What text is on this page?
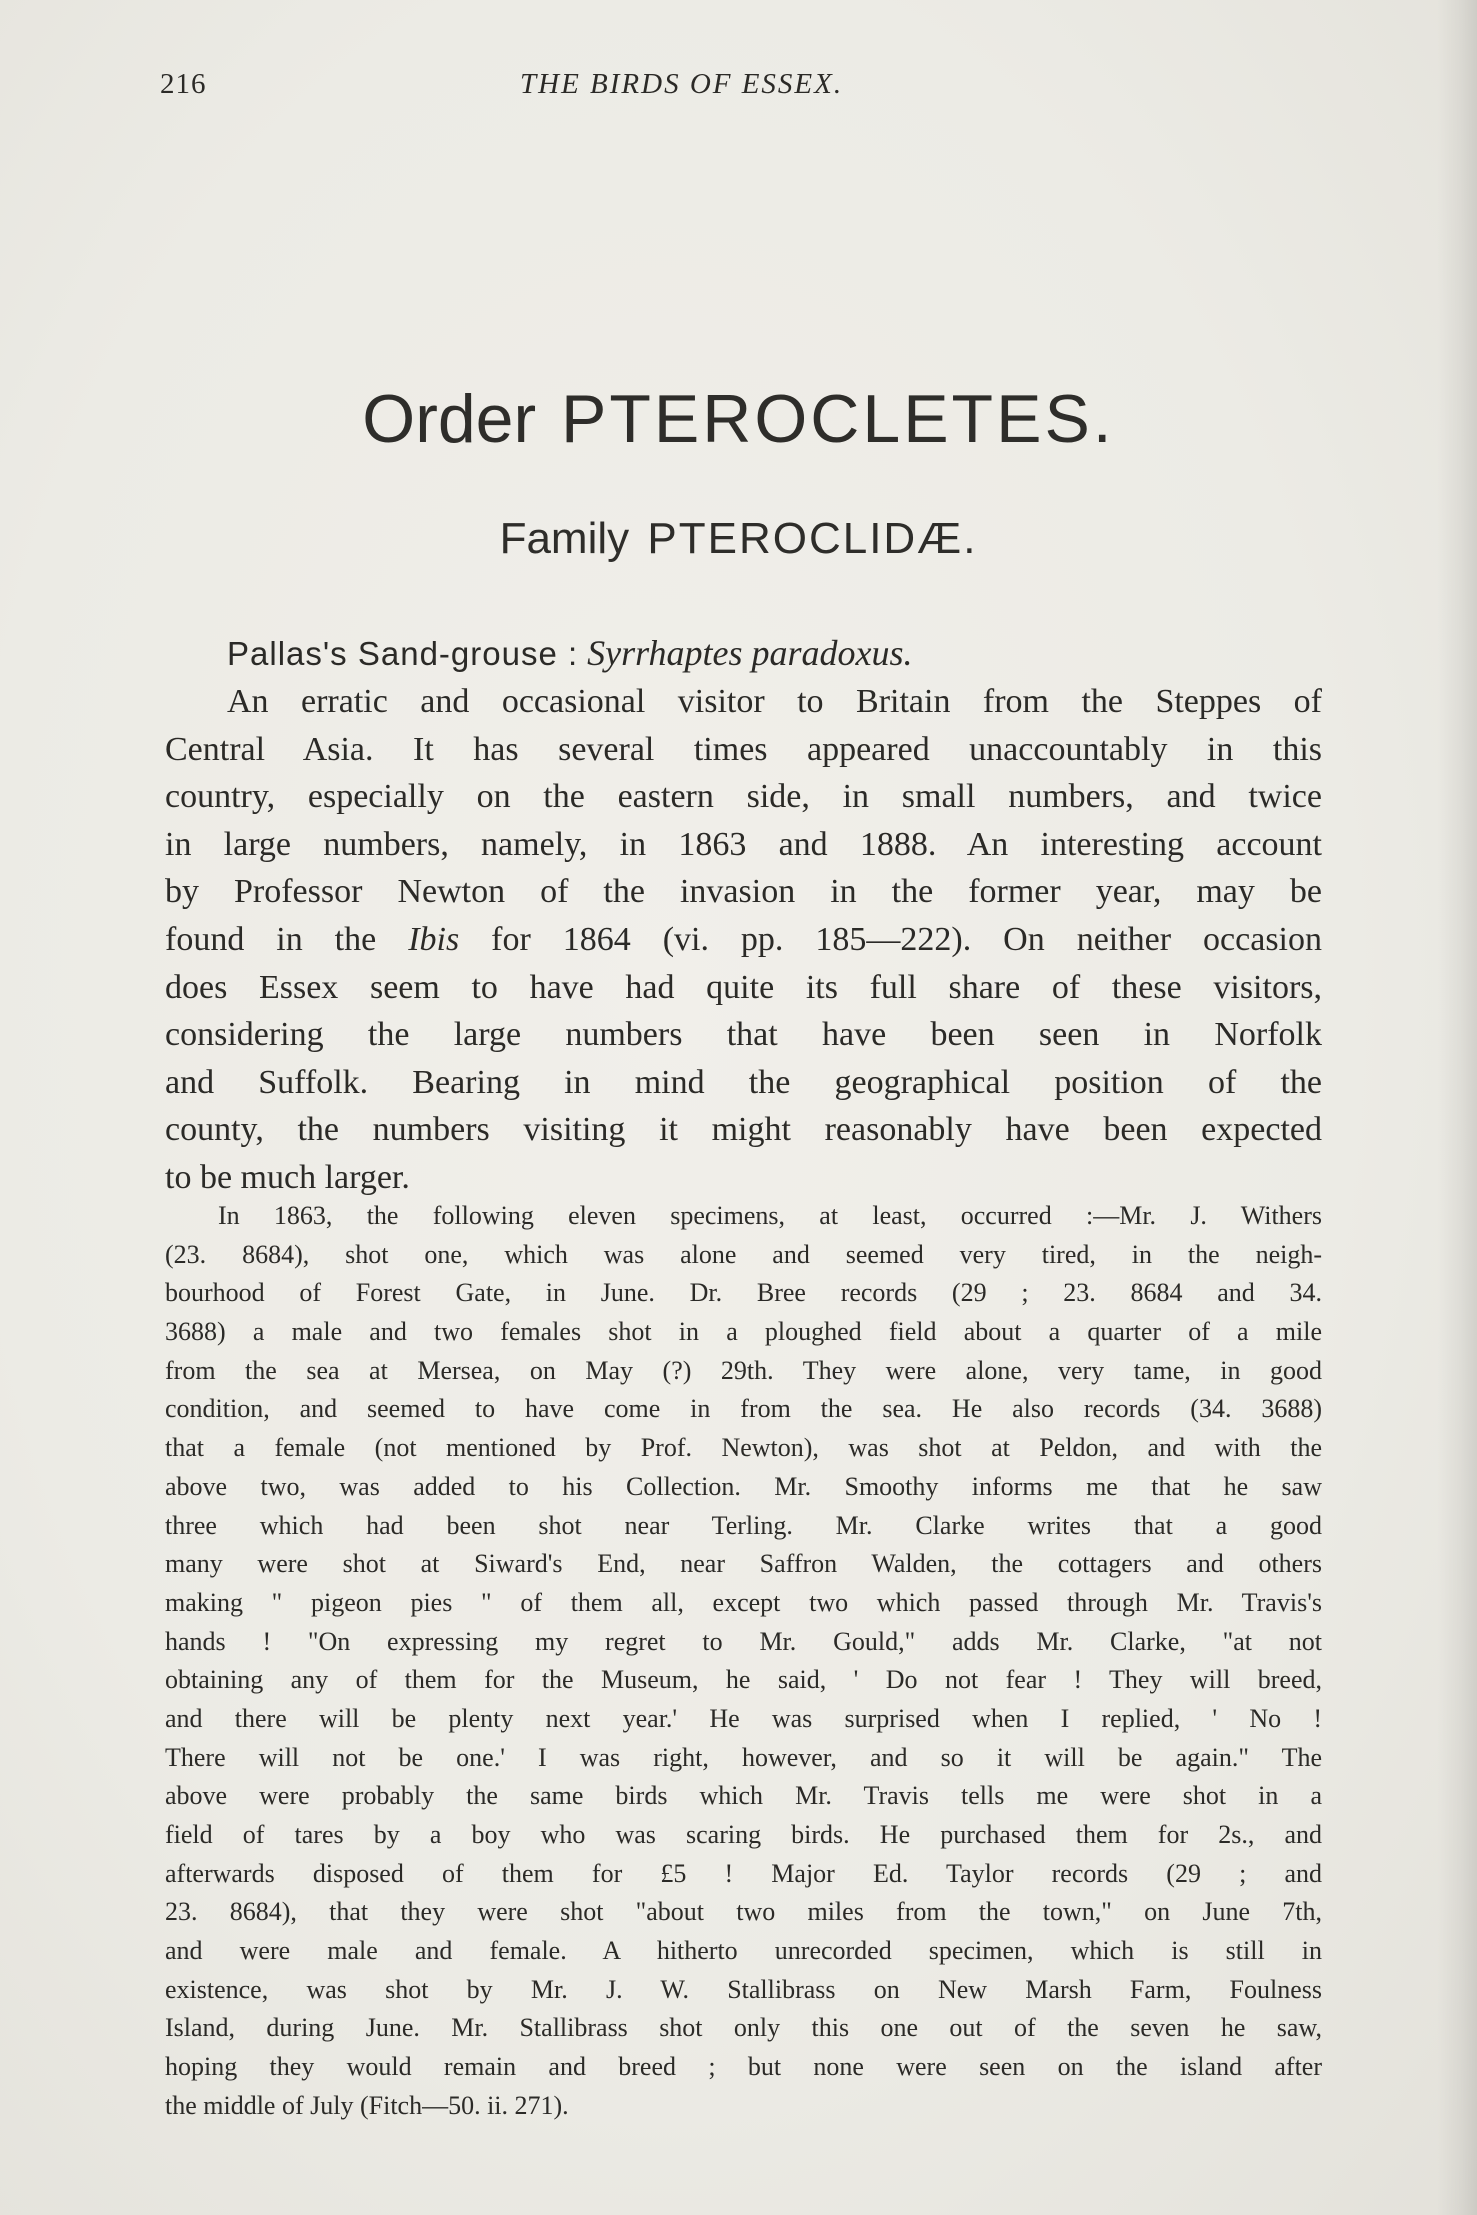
216	THE BIRDS OF ESSEX.
Order PTEROCLETES.
Family PTEROCLIDÆ.
Pallas's Sand-grouse : Syrrhaptes paradoxus.
An erratic and occasional visitor to Britain from the Steppes of
Central Asia. It has several times appeared unaccountably in this
country, especially on the eastern side, in small numbers, and twice
in large numbers, namely, in 1863 and 1888. An interesting account
by Professor Newton of the invasion in the former year, may be
found in the Ibis for 1864 (vi. pp. 185—222). On neither occasion
does Essex seem to have had quite its full share of these visitors,
considering the large numbers that have been seen in Norfolk
and Suffolk. Bearing in mind the geographical position of the
county, the numbers visiting it might reasonably have been expected
to be much larger.
In 1863, the following eleven specimens, at least, occurred :—Mr. J. Withers
(23. 8684), shot one, which was alone and seemed very tired, in the neigh-
bourhood of Forest Gate, in June. Dr. Bree records (29 ; 23. 8684 and 34.
3688) a male and two females shot in a ploughed field about a quarter of a mile
from the sea at Mersea, on May (?) 29th. They were alone, very tame, in good
condition, and seemed to have come in from the sea. He also records (34. 3688)
that a female (not mentioned by Prof. Newton), was shot at Peldon, and with the
above two, was added to his Collection. Mr. Smoothy informs me that he saw
three which had been shot near Terling. Mr. Clarke writes that a good
many were shot at Siward's End, near Saffron Walden, the cottagers and others
making " pigeon pies " of them all, except two which passed through Mr. Travis's
hands ! "On expressing my regret to Mr. Gould," adds Mr. Clarke, "at not
obtaining any of them for the Museum, he said, ' Do not fear ! They will breed,
and there will be plenty next year.' He was surprised when I replied, ' No !
There will not be one.' I was right, however, and so it will be again." The
above were probably the same birds which Mr. Travis tells me were shot in a
field of tares by a boy who was scaring birds. He purchased them for 2s., and
afterwards disposed of them for £5 ! Major Ed. Taylor records (29 ; and
23. 8684), that they were shot "about two miles from the town," on June 7th,
and were male and female. A hitherto unrecorded specimen, which is still in
existence, was shot by Mr. J. W. Stallibrass on New Marsh Farm, Foulness
Island, during June. Mr. Stallibrass shot only this one out of the seven he saw,
hoping they would remain and breed ; but none were seen on the island after
the middle of July (Fitch—50. ii. 271).
